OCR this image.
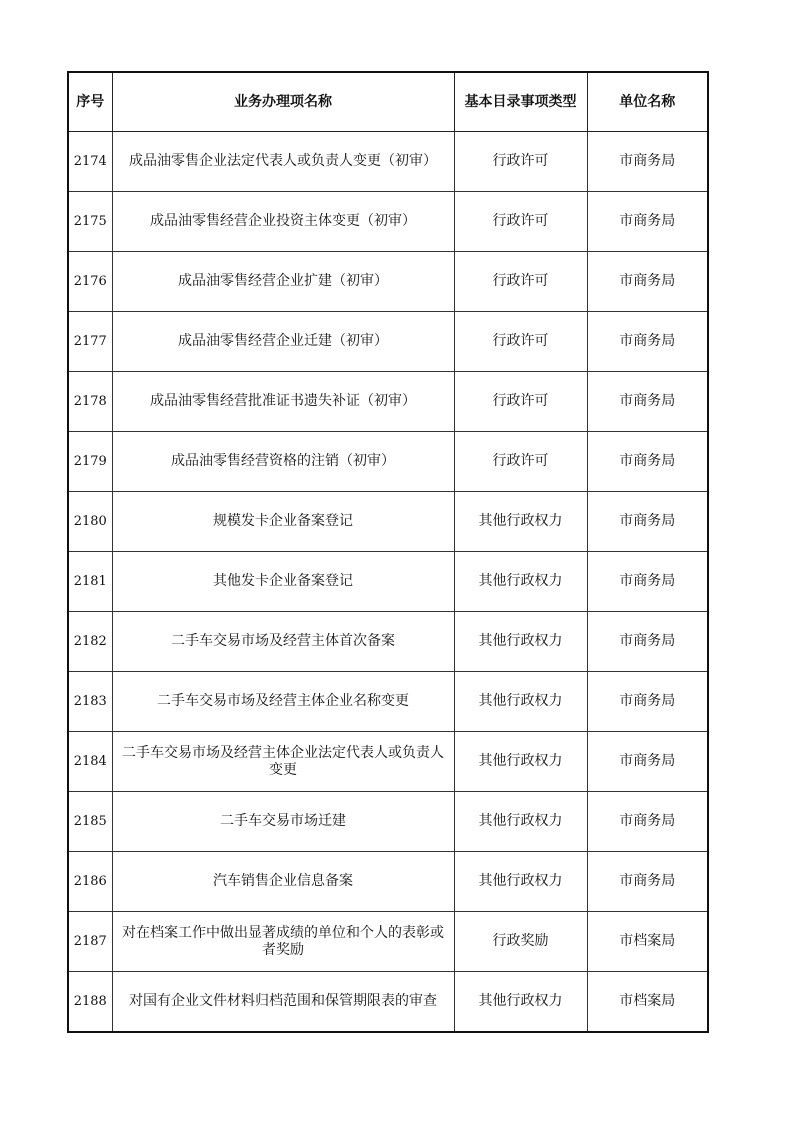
序号	业务办理项名称	基本目录事项类型	单位名称
2174	成品油零售企业法定代表人或负责人变更（初审）	行政许可	市商务局
2175	成品油零售经营企业投资主体变更（初审）	行政许可	市商务局
2176	成品油零售经营企业扩建（初审）	行政许可	市商务局
2177	成品油零售经营企业迁建（初审）	行政许可	市商务局
2178	成品油零售经营批准证书遗失补证（初审）	行政许可	市商务局
2179	成品油零售经营资格的注销（初审）	行政许可	市商务局
2180	规模发卡企业备案登记	其他行政权力	市商务局
2181	其他发卡企业备案登记	其他行政权力	市商务局
2182	二手车交易市场及经营主体首次备案	其他行政权力	市商务局
2183	二手车交易市场及经营主体企业名称变更	其他行政权力	市商务局
2184	二手车交易市场及经营主体企业法定代表人或负责人变更	其他行政权力	市商务局
2185	二手车交易市场迁建	其他行政权力	市商务局
2186	汽车销售企业信息备案	其他行政权力	市商务局
2187	对在档案工作中做出显著成绩的单位和个人的表彰或者奖励	行政奖励	市档案局
2188	对国有企业文件材料归档范围和保管期限表的审查	其他行政权力	市档案局
